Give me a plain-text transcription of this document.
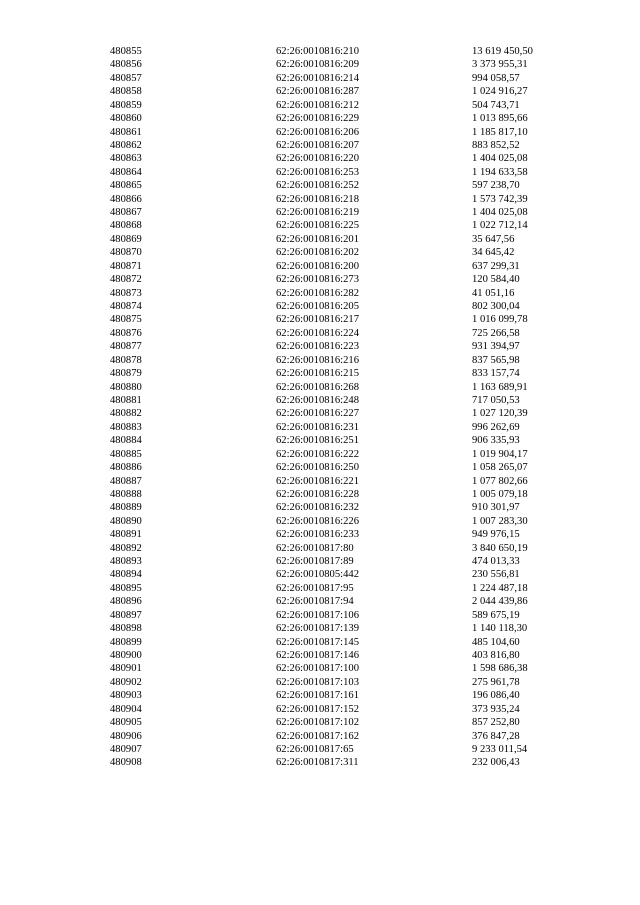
480855	62:26:0010816:210	13 619 450,50
480856	62:26:0010816:209	3 373 955,31
480857	62:26:0010816:214	994 058,57
480858	62:26:0010816:287	1 024 916,27
480859	62:26:0010816:212	504 743,71
480860	62:26:0010816:229	1 013 895,66
480861	62:26:0010816:206	1 185 817,10
480862	62:26:0010816:207	883 852,52
480863	62:26:0010816:220	1 404 025,08
480864	62:26:0010816:253	1 194 633,58
480865	62:26:0010816:252	597 238,70
480866	62:26:0010816:218	1 573 742,39
480867	62:26:0010816:219	1 404 025,08
480868	62:26:0010816:225	1 022 712,14
480869	62:26:0010816:201	35 647,56
480870	62:26:0010816:202	34 645,42
480871	62:26:0010816:200	637 299,31
480872	62:26:0010816:273	120 584,40
480873	62:26:0010816:282	41 051,16
480874	62:26:0010816:205	802 300,04
480875	62:26:0010816:217	1 016 099,78
480876	62:26:0010816:224	725 266,58
480877	62:26:0010816:223	931 394,97
480878	62:26:0010816:216	837 565,98
480879	62:26:0010816:215	833 157,74
480880	62:26:0010816:268	1 163 689,91
480881	62:26:0010816:248	717 050,53
480882	62:26:0010816:227	1 027 120,39
480883	62:26:0010816:231	996 262,69
480884	62:26:0010816:251	906 335,93
480885	62:26:0010816:222	1 019 904,17
480886	62:26:0010816:250	1 058 265,07
480887	62:26:0010816:221	1 077 802,66
480888	62:26:0010816:228	1 005 079,18
480889	62:26:0010816:232	910 301,97
480890	62:26:0010816:226	1 007 283,30
480891	62:26:0010816:233	949 976,15
480892	62:26:0010817:80	3 840 650,19
480893	62:26:0010817:89	474 013,33
480894	62:26:0010805:442	230 556,81
480895	62:26:0010817:95	1 224 487,18
480896	62:26:0010817:94	2 044 439,86
480897	62:26:0010817:106	589 675,19
480898	62:26:0010817:139	1 140 118,30
480899	62:26:0010817:145	485 104,60
480900	62:26:0010817:146	403 816,80
480901	62:26:0010817:100	1 598 686,38
480902	62:26:0010817:103	275 961,78
480903	62:26:0010817:161	196 086,40
480904	62:26:0010817:152	373 935,24
480905	62:26:0010817:102	857 252,80
480906	62:26:0010817:162	376 847,28
480907	62:26:0010817:65	9 233 011,54
480908	62:26:0010817:311	232 006,43
